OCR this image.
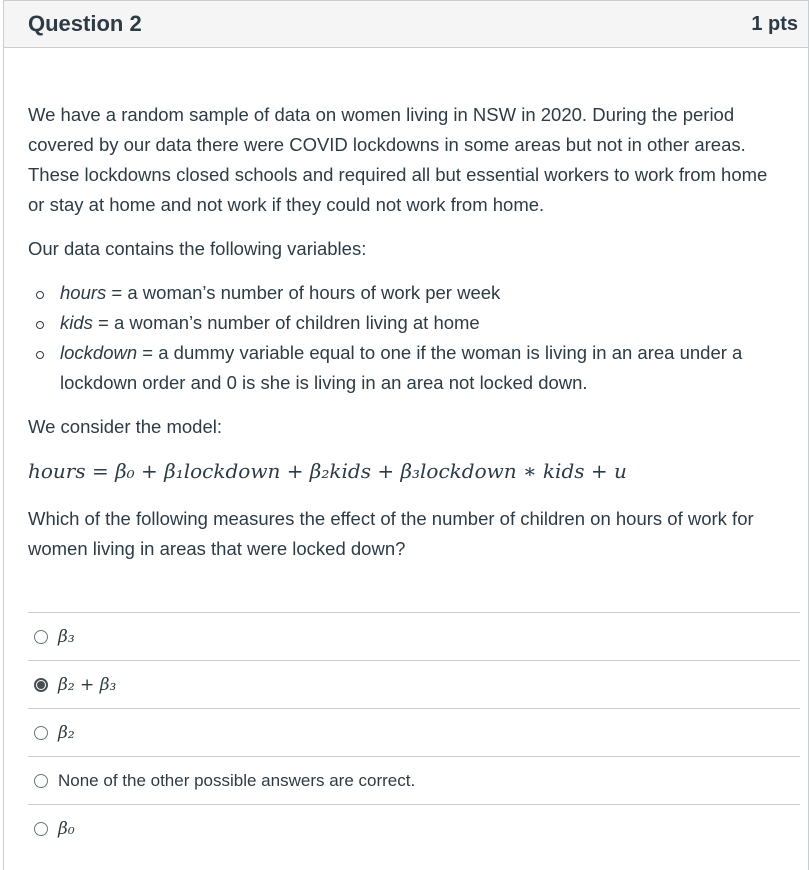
Question 2	1 pts

We have a random sample of data on women living in NSW in 2020. During the period covered by our data there were COVID lockdowns in some areas but not in other areas. These lockdowns closed schools and required all but essential workers to work from home or stay at home and not work if they could not work from home.

Our data contains the following variables:

hours = a woman’s number of hours of work per week
kids = a woman’s number of children living at home
lockdown = a dummy variable equal to one if the woman is living in an area under a lockdown order and 0 is she is living in an area not locked down.

We consider the model:

hours = β₀ + β₁lockdown + β₂kids + β₃lockdown ∗ kids + u

Which of the following measures the effect of the number of children on hours of work for women living in areas that were locked down?

β₃
β₂ + β₃
β₂
None of the other possible answers are correct.
β₀
